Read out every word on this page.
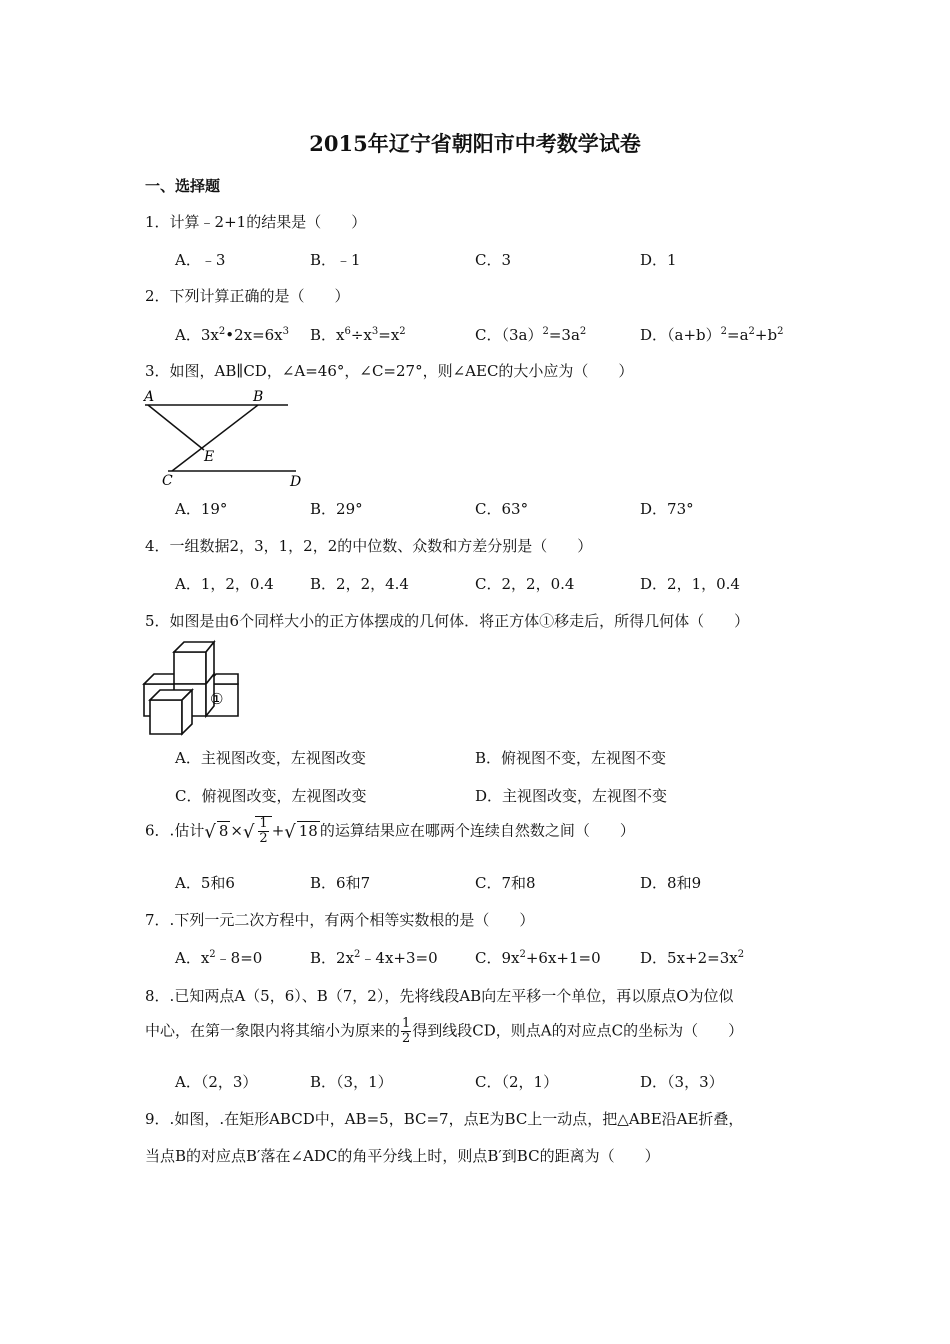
2015年辽宁省朝阳市中考数学试卷
一、选择题
1．计算﹣2+1的结果是（　　）
A．﹣3	B．﹣1	C．3	D．1
2．下列计算正确的是（　　）
A．$3x^2•2x=6x^3$ B．$x^6\div x^3=x^2$	C．$(3a)^2=3a^2$	D．$(a+b)^2=a^2+b^2$
3．如图，AB∥CD，∠A=46°，∠C=27°，则∠AEC的大小应为（　　）
A	B
E
C	D
A．19°	B．29°	C．63°	D．73°
4．一组数据2，3，1，2，2的中位数、众数和方差分别是（　　）
A．1，2，0.4 B．2，2，4.4	C．2，2，0.4	D．2，1，0.4
5．如图是由6个同样大小的正方体摆成的几何体．将正方体①移走后，所得几何体（　　）
①
A．主视图改变，左视图改变	B．俯视图不变，左视图不变
C．俯视图改变，左视图改变	D．主视图改变，左视图不变
6．.估计√ 8 ×√ $\frac{1}{2}$ +√ 18 的运算结果应在哪两个连续自然数之间（　　）
A．5和6	B．6和7	C．7和8	D．8和9
7．.下列一元二次方程中，有两个相等实数根的是（　　）
A．$x^2﹣8=0$	B．$2x^2﹣4x+3=0$ C．$9x^2+6x+1=0$	D．$5x+2=3x^2$
8．.已知两点A（5，6）、B（7，2），先将线段AB向左平移一个单位，再以原点O为位似
中心，在第一象限内将其缩小为原来的 $\frac{1}{2}$ 得到线段CD，则点A的对应点C的坐标为（　　）
A．（2，3）	B．（3，1）	C．（2，1）	D．（3，3）
9．.如图，.在矩形ABCD中，AB=5，BC=7，点E为BC上一动点，把△ABE沿AE折叠，
当点B的对应点B′落在∠ADC的角平分线上时，则点B′到BC的距离为（　　）
